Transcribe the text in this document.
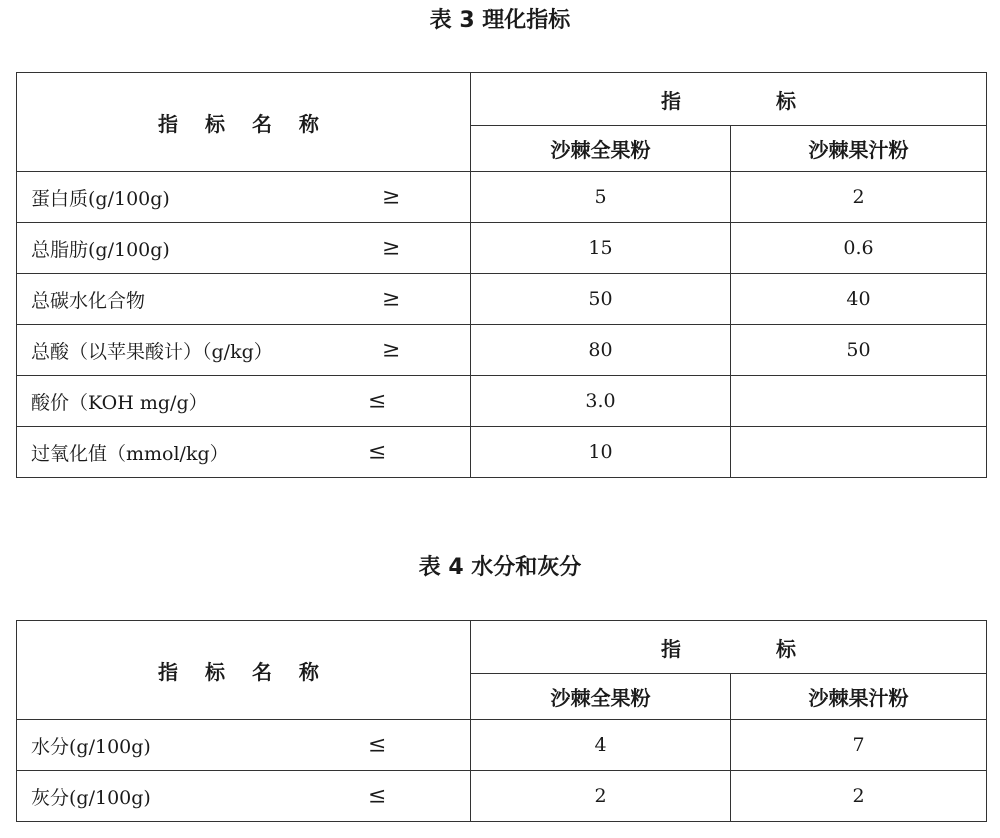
表 3 理化指标
指 标 名 称	指 标	
	沙棘全果粉	沙棘果汁粉
蛋白质(g/100g) ≥	5	2
总脂肪(g/100g) ≥	15	0.6
总碳水化合物 ≥	50	40
总酸（以苹果酸计）（g/kg） ≥	80	50
酸价（KOH mg/g） ≤	3.0	
过氧化值（mmol/kg） ≤	10	
表 4 水分和灰分
指 标 名 称	指 标	
	沙棘全果粉	沙棘果汁粉
水分(g/100g) ≤	4	7
灰分(g/100g) ≤	2	2
